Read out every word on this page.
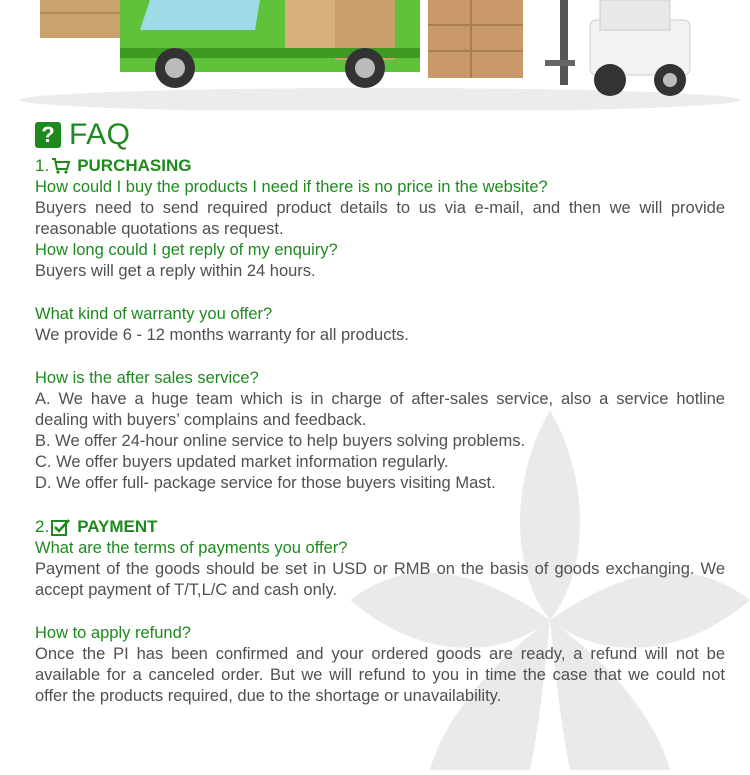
? FAQ
1. PURCHASING
How could I buy the products I need if there is no price in the website?
Buyers need to send required product details to us via e-mail, and then we will provide reasonable quotations as request.
How long could I get reply of my enquiry?
Buyers will get a reply within 24 hours.
What kind of warranty you offer?
We provide 6 - 12 months warranty for all products.
How is the after sales service?
A. We have a huge team which is in charge of after-sales service, also a service hotline dealing with buyers’ complains and feedback.
B. We offer 24-hour online service to help buyers solving problems.
C. We offer buyers updated market information regularly.
D. We offer full- package service for those buyers visiting Mast.
2. PAYMENT
What are the terms of payments you offer?
Payment of the goods should be set in USD or RMB on the basis of goods exchanging. We accept payment of T/T,L/C and cash only.
How to apply refund?
Once the PI has been confirmed and your ordered goods are ready, a refund will not be available for a canceled order. But we will refund to you in time the case that we could not offer the products required, due to the shortage or unavailability.
